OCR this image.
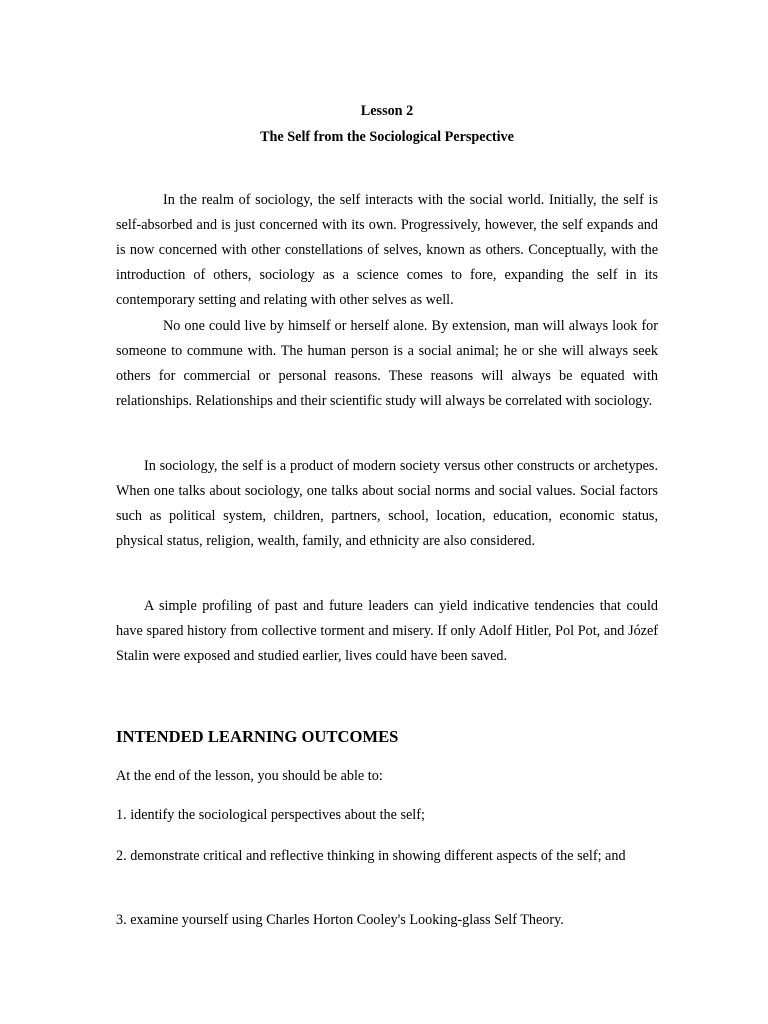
Lesson 2
The Self from the Sociological Perspective

In the realm of sociology, the self interacts with the social world. Initially, the self is self-absorbed and is just concerned with its own. Progressively, however, the self expands and is now concerned with other constellations of selves, known as others. Conceptually, with the introduction of others, sociology as a science comes to fore, expanding the self in its contemporary setting and relating with other selves as well.

No one could live by himself or herself alone. By extension, man will always look for someone to commune with. The human person is a social animal; he or she will always seek others for commercial or personal reasons. These reasons will always be equated with relationships. Relationships and their scientific study will always be correlated with sociology.

In sociology, the self is a product of modern society versus other constructs or archetypes. When one talks about sociology, one talks about social norms and social values. Social factors such as political system, children, partners, school, location, education, economic status, physical status, religion, wealth, family, and ethnicity are also considered.

A simple profiling of past and future leaders can yield indicative tendencies that could have spared history from collective torment and misery. If only Adolf Hitler, Pol Pot, and Józef Stalin were exposed and studied earlier, lives could have been saved.

INTENDED LEARNING OUTCOMES

At the end of the lesson, you should be able to:

1. identify the sociological perspectives about the self;
2. demonstrate critical and reflective thinking in showing different aspects of the self; and
3. examine yourself using Charles Horton Cooley's Looking-glass Self Theory.
